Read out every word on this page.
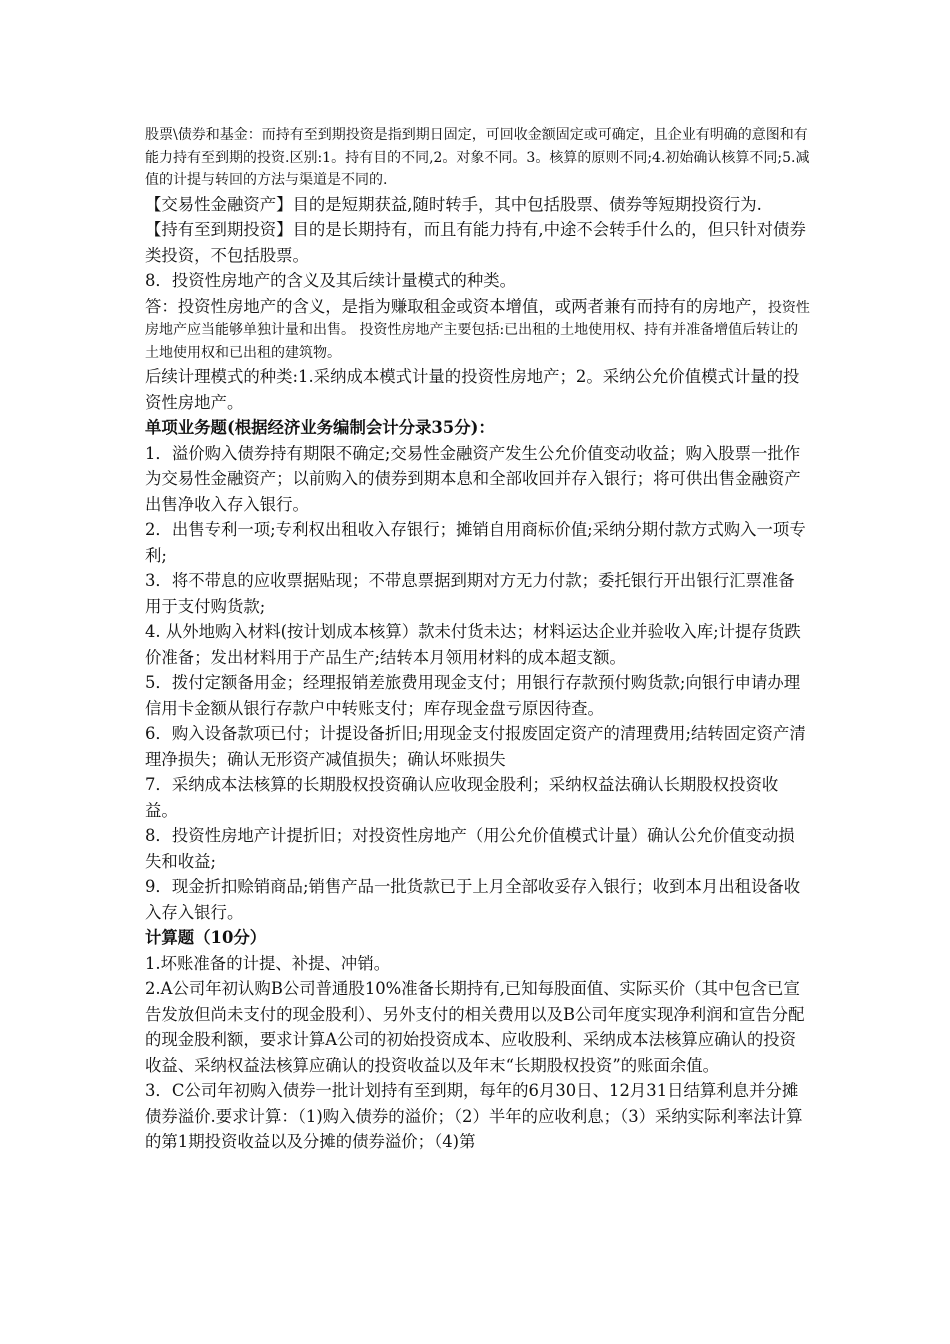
股票\债券和基金：而持有至到期投资是指到期日固定，可回收金额固定或可确定，且企业有明确的意图和有能力持有至到期的投资.区别:1。持有目的不同,2。对象不同。3。核算的原则不同;4.初始确认核算不同;5.减值的计提与转回的方法与渠道是不同的.

【交易性金融资产】目的是短期获益,随时转手，其中包括股票、债券等短期投资行为.

【持有至到期投资】目的是长期持有，而且有能力持有,中途不会转手什么的，但只针对债券类投资，不包括股票。

8．投资性房地产的含义及其后续计量模式的种类。

答：投资性房地产的含义，是指为赚取租金或资本增值，或两者兼有而持有的房地产，投资性房地产应当能够单独计量和出售。 投资性房地产主要包括:已出租的土地使用权、持有并准备增值后转让的土地使用权和已出租的建筑物。

后续计理模式的种类:1.采纳成本模式计量的投资性房地产；2。采纳公允价值模式计量的投资性房地产。

单项业务题(根据经济业务编制会计分录35分)：

1．溢价购入债券持有期限不确定;交易性金融资产发生公允价值变动收益；购入股票一批作为交易性金融资产；以前购入的债券到期本息和全部收回并存入银行；将可供出售金融资产出售净收入存入银行。

2．出售专利一项;专利权出租收入存银行；摊销自用商标价值;采纳分期付款方式购入一项专利;

3．将不带息的应收票据贴现；不带息票据到期对方无力付款；委托银行开出银行汇票准备用于支付购货款;

4. 从外地购入材料(按计划成本核算）款未付货未达；材料运达企业并验收入库;计提存货跌价准备；发出材料用于产品生产;结转本月领用材料的成本超支额。

5．拨付定额备用金；经理报销差旅费用现金支付；用银行存款预付购货款;向银行申请办理信用卡金额从银行存款户中转账支付；库存现金盘亏原因待查。

6．购入设备款项已付；计提设备折旧;用现金支付报废固定资产的清理费用;结转固定资产清理净损失；确认无形资产减值损失；确认坏账损失

7．采纳成本法核算的长期股权投资确认应收现金股利；采纳权益法确认长期股权投资收益。

8．投资性房地产计提折旧；对投资性房地产（用公允价值模式计量）确认公允价值变动损失和收益;

9．现金折扣赊销商品;销售产品一批货款已于上月全部收妥存入银行；收到本月出租设备收入存入银行。

计算题（10分）

1.坏账准备的计提、补提、冲销。

2.A公司年初认购B公司普通股10%准备长期持有,已知每股面值、实际买价（其中包含已宣告发放但尚未支付的现金股利）、另外支付的相关费用以及B公司年度实现净利润和宣告分配的现金股利额，要求计算A公司的初始投资成本、应收股利、采纳成本法核算应确认的投资收益、采纳权益法核算应确认的投资收益以及年末“长期股权投资”的账面余值。

3．C公司年初购入债券一批计划持有至到期，每年的6月30日、12月31日结算利息并分摊债券溢价.要求计算：（1)购入债券的溢价；（2）半年的应收利息；（3）采纳实际利率法计算的第1期投资收益以及分摊的债券溢价；（4)第
